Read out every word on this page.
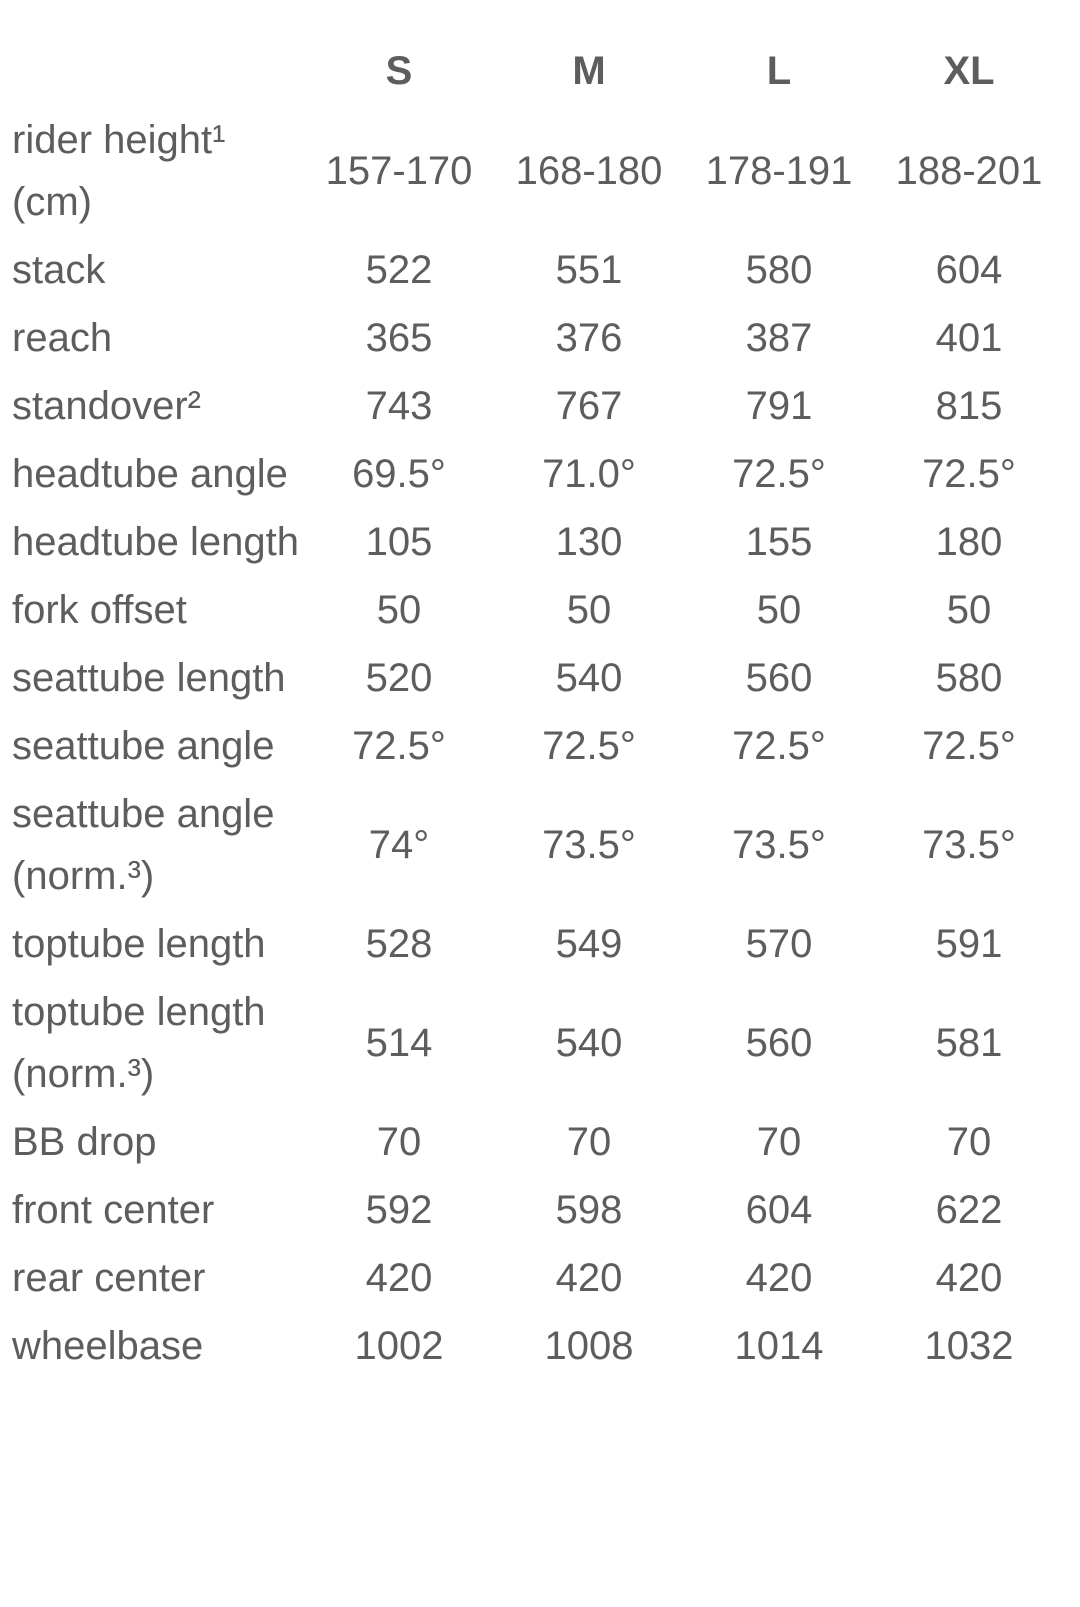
	S	M	L	XL
rider height¹ (cm)	157-170	168-180	178-191	188-201
stack	522	551	580	604
reach	365	376	387	401
standover²	743	767	791	815
headtube angle	69.5°	71.0°	72.5°	72.5°
headtube length	105	130	155	180
fork offset	50	50	50	50
seattube length	520	540	560	580
seattube angle	72.5°	72.5°	72.5°	72.5°
seattube angle (norm.³)	74°	73.5°	73.5°	73.5°
toptube length	528	549	570	591
toptube length (norm.³)	514	540	560	581
BB drop	70	70	70	70
front center	592	598	604	622
rear center	420	420	420	420
wheelbase	1002	1008	1014	1032
